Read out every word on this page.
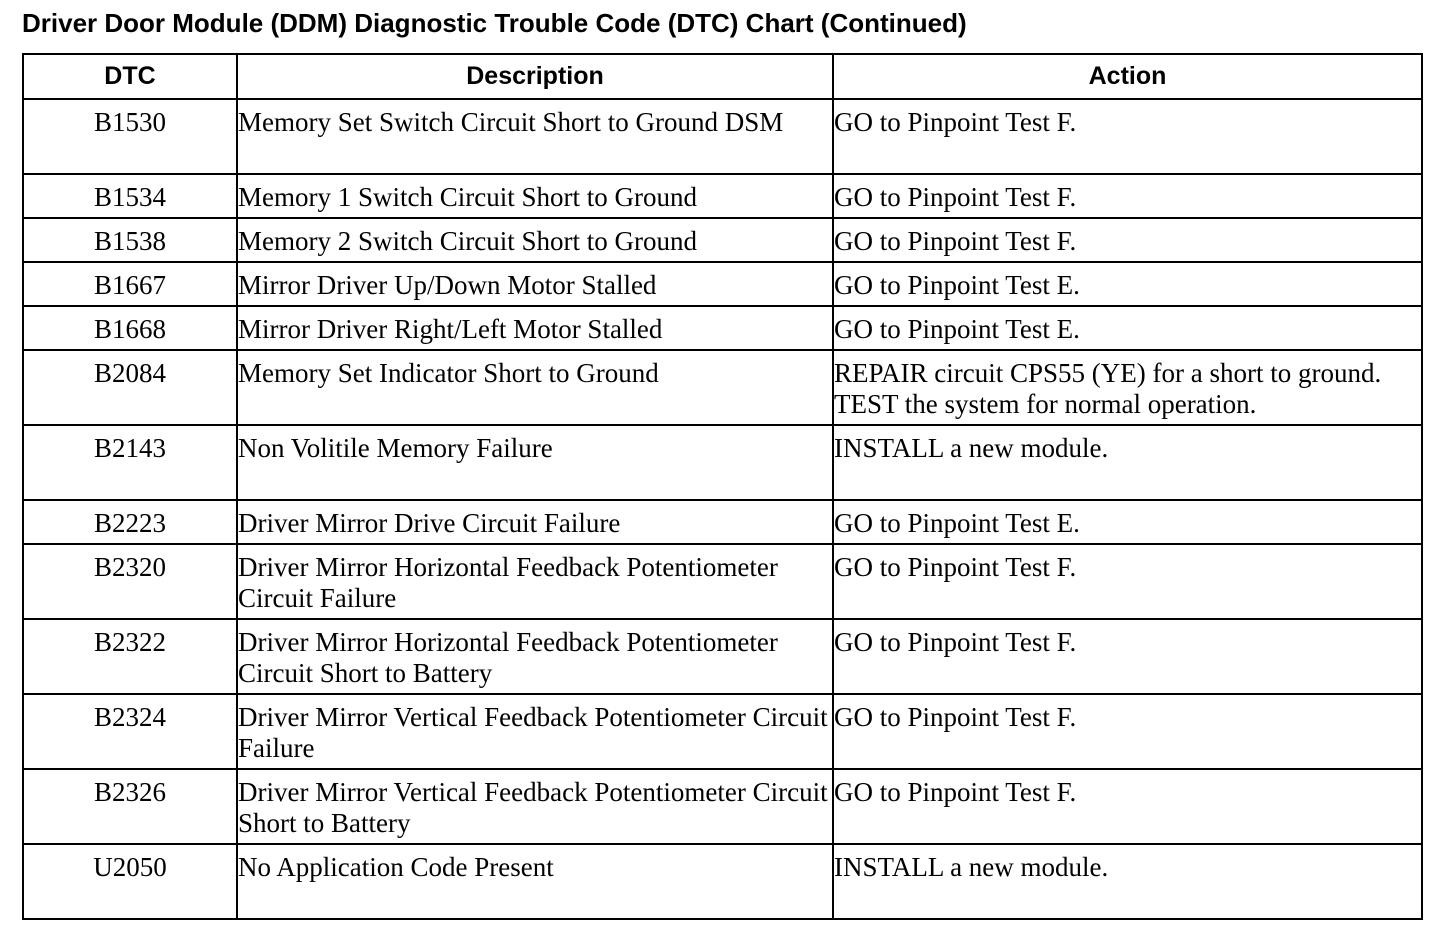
Driver Door Module (DDM) Diagnostic Trouble Code (DTC) Chart (Continued)
DTC	Description	Action
B1530	Memory Set Switch Circuit Short to Ground DSM	GO to Pinpoint Test F.
B1534	Memory 1 Switch Circuit Short to Ground	GO to Pinpoint Test F.
B1538	Memory 2 Switch Circuit Short to Ground	GO to Pinpoint Test F.
B1667	Mirror Driver Up/Down Motor Stalled	GO to Pinpoint Test E.
B1668	Mirror Driver Right/Left Motor Stalled	GO to Pinpoint Test E.
B2084	Memory Set Indicator Short to Ground	REPAIR circuit CPS55 (YE) for a short to ground. TEST the system for normal operation.
B2143	Non Volitile Memory Failure	INSTALL a new module.
B2223	Driver Mirror Drive Circuit Failure	GO to Pinpoint Test E.
B2320	Driver Mirror Horizontal Feedback Potentiometer Circuit Failure	GO to Pinpoint Test F.
B2322	Driver Mirror Horizontal Feedback Potentiometer Circuit Short to Battery	GO to Pinpoint Test F.
B2324	Driver Mirror Vertical Feedback Potentiometer Circuit Failure	GO to Pinpoint Test F.
B2326	Driver Mirror Vertical Feedback Potentiometer Circuit Short to Battery	GO to Pinpoint Test F.
U2050	No Application Code Present	INSTALL a new module.
